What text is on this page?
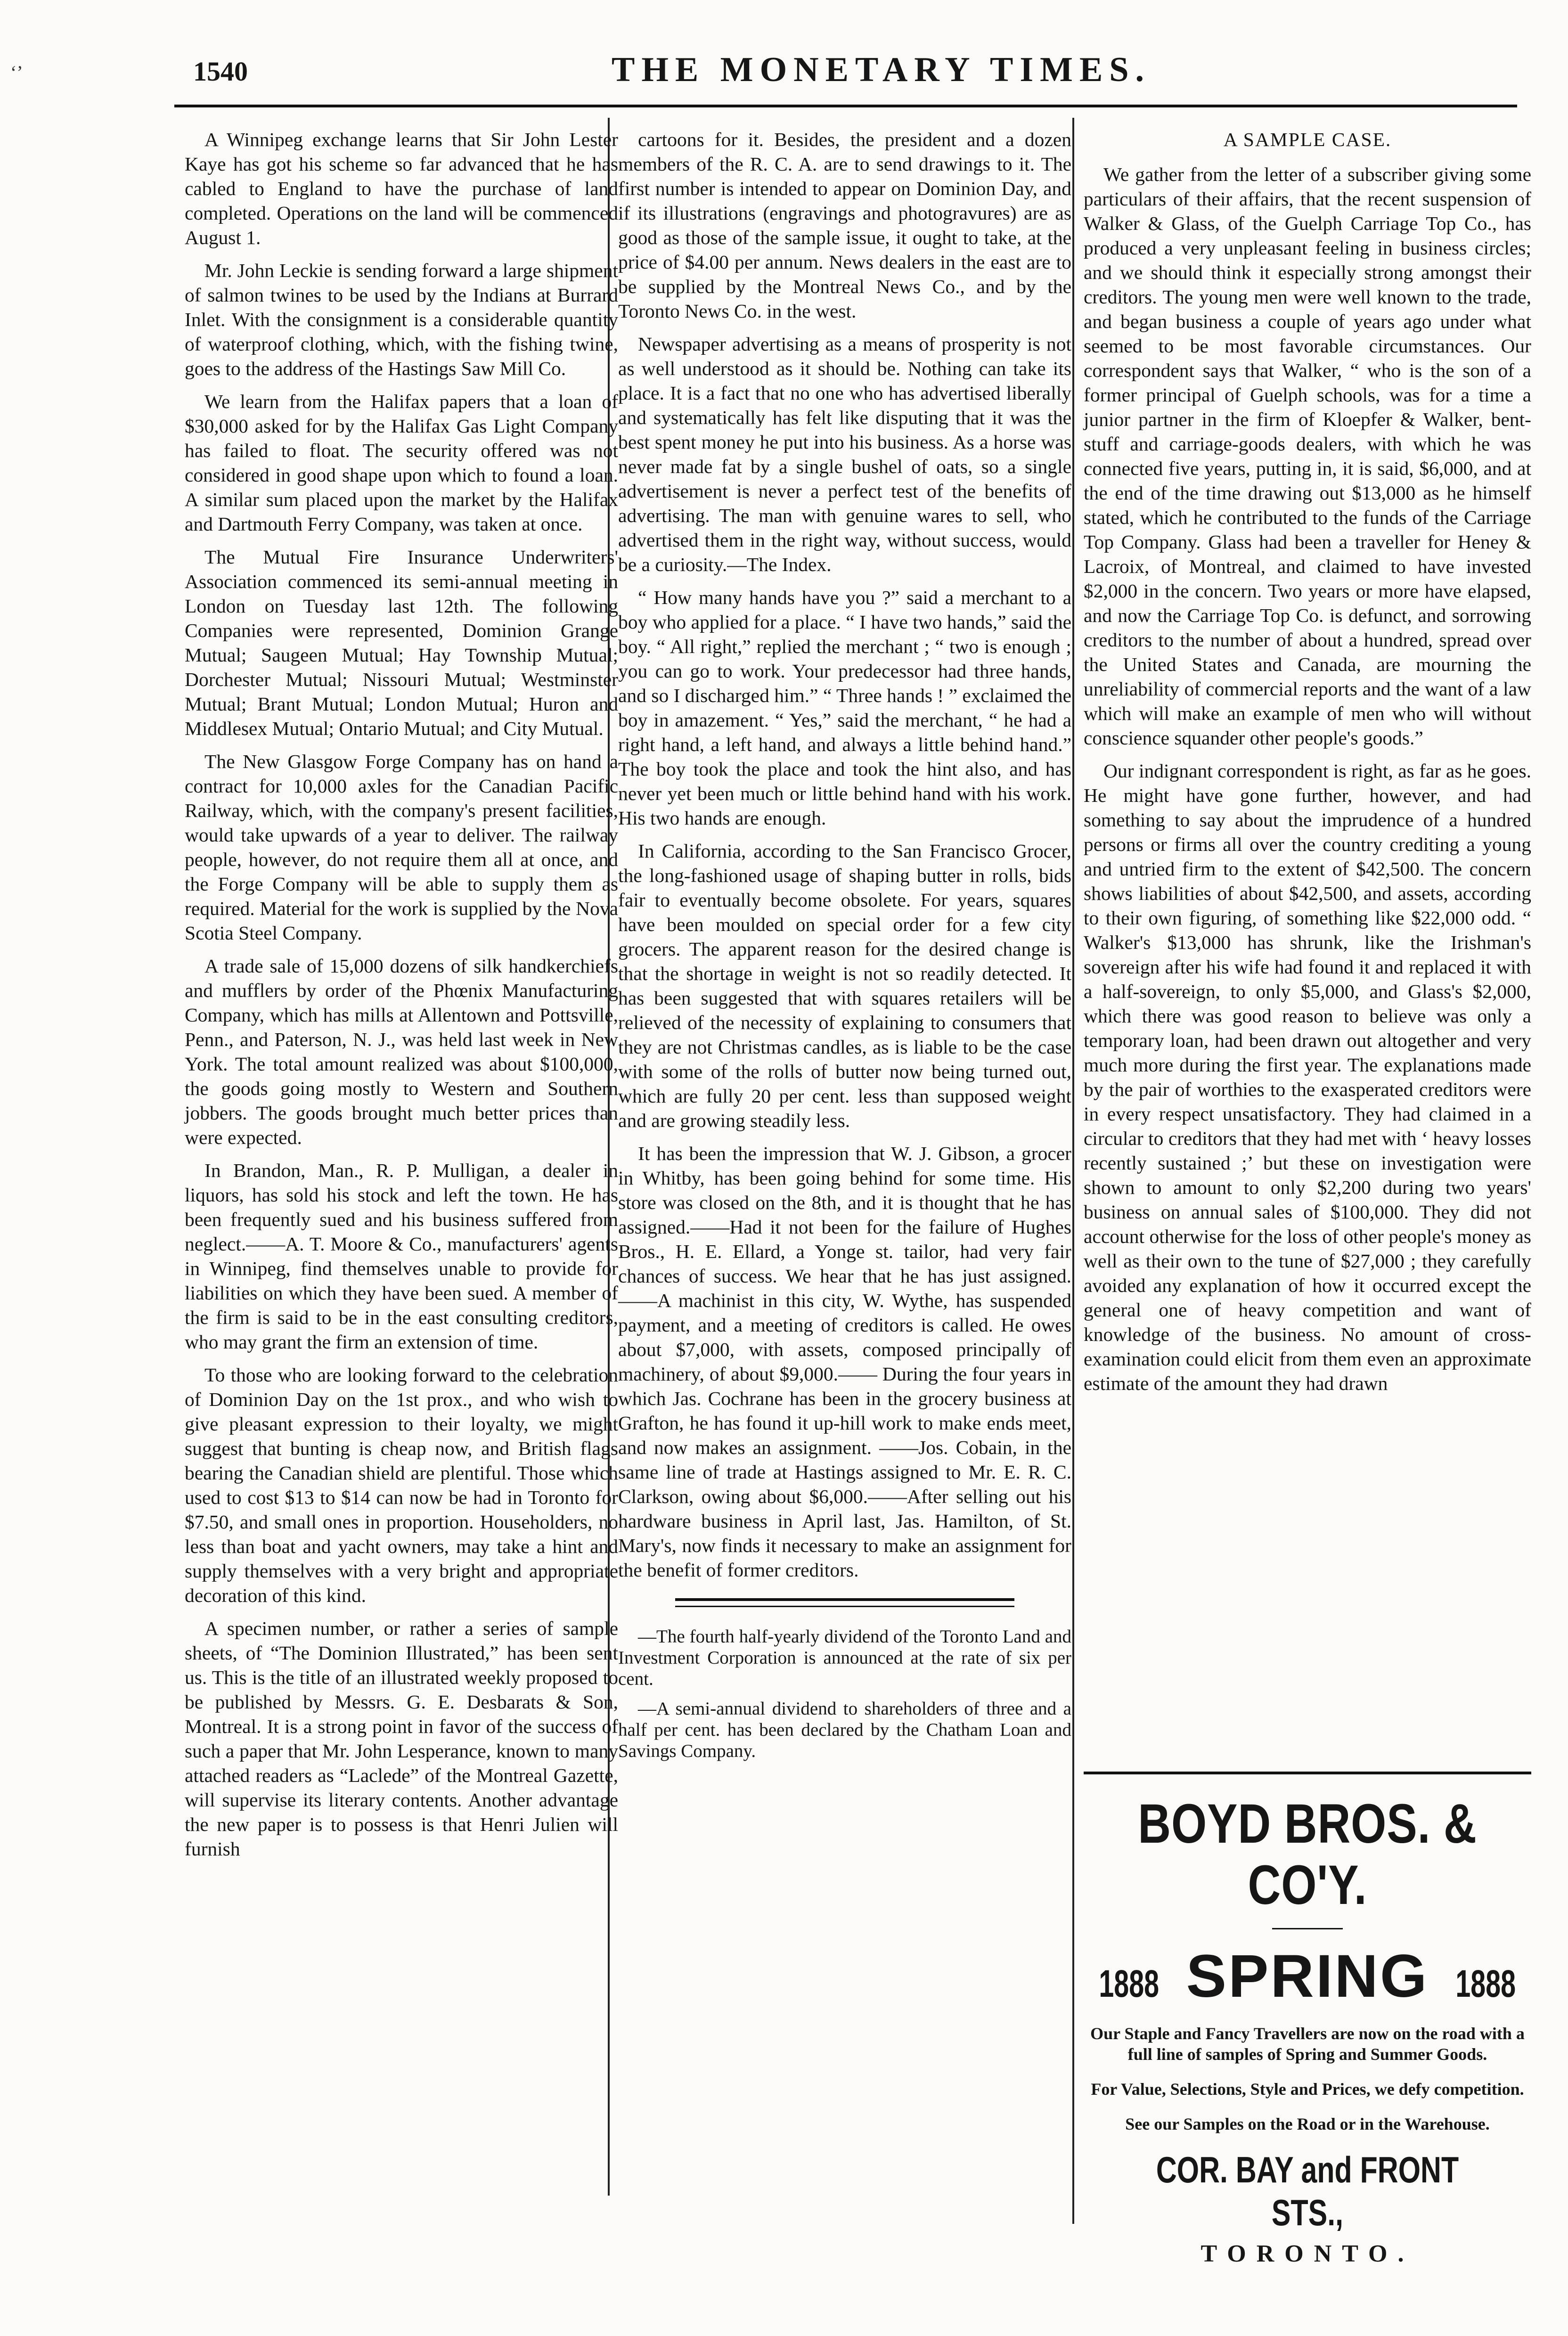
‘’	1540	THE MONETARY TIMES.

A Winnipeg exchange learns that Sir John Lester Kaye has got his scheme so far advanced that he has cabled to England to have the purchase of land completed. Operations on the land will be commenced August 1.

Mr. John Leckie is sending forward a large shipment of salmon twines to be used by the Indians at Burrard Inlet. With the consignment is a considerable quantity of waterproof clothing, which, with the fishing twine, goes to the address of the Hastings Saw Mill Co.

We learn from the Halifax papers that a loan of $30,000 asked for by the Halifax Gas Light Company has failed to float. The security offered was not considered in good shape upon which to found a loan. A similar sum placed upon the market by the Halifax and Dartmouth Ferry Company, was taken at once.

The Mutual Fire Insurance Underwriters' Association commenced its semi-annual meeting in London on Tuesday last 12th. The following Companies were represented, Dominion Grange Mutual; Saugeen Mutual; Hay Township Mutual; Dorchester Mutual; Nissouri Mutual; Westminster Mutual; Brant Mutual; London Mutual; Huron and Middlesex Mutual; Ontario Mutual; and City Mutual.

The New Glasgow Forge Company has on hand a contract for 10,000 axles for the Canadian Pacific Railway, which, with the company's present facilities, would take upwards of a year to deliver. The railway people, however, do not require them all at once, and the Forge Company will be able to supply them as required. Material for the work is supplied by the Nova Scotia Steel Company.

A trade sale of 15,000 dozens of silk handkerchiefs and mufflers by order of the Phœnix Manufacturing Company, which has mills at Allentown and Pottsville, Penn., and Paterson, N. J., was held last week in New York. The total amount realized was about $100,000, the goods going mostly to Western and Southern jobbers. The goods brought much better prices than were expected.

In Brandon, Man., R. P. Mulligan, a dealer in liquors, has sold his stock and left the town. He has been frequently sued and his business suffered from neglect.——A. T. Moore & Co., manufacturers' agents in Winnipeg, find themselves unable to provide for liabilities on which they have been sued. A member of the firm is said to be in the east consulting creditors, who may grant the firm an extension of time.

To those who are looking forward to the celebration of Dominion Day on the 1st prox., and who wish to give pleasant expression to their loyalty, we might suggest that bunting is cheap now, and British flags bearing the Canadian shield are plentiful. Those which used to cost $13 to $14 can now be had in Toronto for $7.50, and small ones in proportion. Householders, no less than boat and yacht owners, may take a hint and supply themselves with a very bright and appropriate decoration of this kind.

A specimen number, or rather a series of sample sheets, of “The Dominion Illustrated,” has been sent us. This is the title of an illustrated weekly proposed to be published by Messrs. G. E. Desbarats & Son, Montreal. It is a strong point in favor of the success of such a paper that Mr. John Lesperance, known to many attached readers as “Laclede” of the Montreal Gazette, will supervise its literary contents. Another advantage the new paper is to possess is that Henri Julien will furnish

cartoons for it. Besides, the president and a dozen members of the R. C. A. are to send drawings to it. The first number is intended to appear on Dominion Day, and if its illustrations (engravings and photogravures) are as good as those of the sample issue, it ought to take, at the price of $4.00 per annum. News dealers in the east are to be supplied by the Montreal News Co., and by the Toronto News Co. in the west.

Newspaper advertising as a means of prosperity is not as well understood as it should be. Nothing can take its place. It is a fact that no one who has advertised liberally and systematically has felt like disputing that it was the best spent money he put into his business. As a horse was never made fat by a single bushel of oats, so a single advertisement is never a perfect test of the benefits of advertising. The man with genuine wares to sell, who advertised them in the right way, without success, would be a curiosity.—The Index.

“ How many hands have you ?” said a merchant to a boy who applied for a place. “ I have two hands,” said the boy. “ All right,” replied the merchant ; “ two is enough ; you can go to work. Your predecessor had three hands, and so I discharged him.” “ Three hands ! ” exclaimed the boy in amazement. “ Yes,” said the merchant, “ he had a right hand, a left hand, and always a little behind hand.” The boy took the place and took the hint also, and has never yet been much or little behind hand with his work. His two hands are enough.

In California, according to the San Francisco Grocer, the long-fashioned usage of shaping butter in rolls, bids fair to eventually become obsolete. For years, squares have been moulded on special order for a few city grocers. The apparent reason for the desired change is that the shortage in weight is not so readily detected. It has been suggested that with squares retailers will be relieved of the necessity of explaining to consumers that they are not Christmas candles, as is liable to be the case with some of the rolls of butter now being turned out, which are fully 20 per cent. less than supposed weight and are growing steadily less.

It has been the impression that W. J. Gibson, a grocer in Whitby, has been going behind for some time. His store was closed on the 8th, and it is thought that he has assigned.——Had it not been for the failure of Hughes Bros., H. E. Ellard, a Yonge st. tailor, had very fair chances of success. We hear that he has just assigned.——A machinist in this city, W. Wythe, has suspended payment, and a meeting of creditors is called. He owes about $7,000, with assets, composed principally of machinery, of about $9,000.—— During the four years in which Jas. Cochrane has been in the grocery business at Grafton, he has found it up-hill work to make ends meet, and now makes an assignment. ——Jos. Cobain, in the same line of trade at Hastings assigned to Mr. E. R. C. Clarkson, owing about $6,000.——After selling out his hardware business in April last, Jas. Hamilton, of St. Mary's, now finds it necessary to make an assignment for the benefit of former creditors.

—The fourth half-yearly dividend of the Toronto Land and Investment Corporation is announced at the rate of six per cent.

—A semi-annual dividend to shareholders of three and a half per cent. has been declared by the Chatham Loan and Savings Company.

A SAMPLE CASE.

We gather from the letter of a subscriber giving some particulars of their affairs, that the recent suspension of Walker & Glass, of the Guelph Carriage Top Co., has produced a very unpleasant feeling in business circles; and we should think it especially strong amongst their creditors. The young men were well known to the trade, and began business a couple of years ago under what seemed to be most favorable circumstances. Our correspondent says that Walker, “ who is the son of a former principal of Guelph schools, was for a time a junior partner in the firm of Kloepfer & Walker, bent-stuff and carriage-goods dealers, with which he was connected five years, putting in, it is said, $6,000, and at the end of the time drawing out $13,000 as he himself stated, which he contributed to the funds of the Carriage Top Company. Glass had been a traveller for Heney & Lacroix, of Montreal, and claimed to have invested $2,000 in the concern. Two years or more have elapsed, and now the Carriage Top Co. is defunct, and sorrowing creditors to the number of about a hundred, spread over the United States and Canada, are mourning the unreliability of commercial reports and the want of a law which will make an example of men who will without conscience squander other people's goods.”

Our indignant correspondent is right, as far as he goes. He might have gone further, however, and had something to say about the imprudence of a hundred persons or firms all over the country crediting a young and untried firm to the extent of $42,500. The concern shows liabilities of about $42,500, and assets, according to their own figuring, of something like $22,000 odd. “ Walker's $13,000 has shrunk, like the Irishman's sovereign after his wife had found it and replaced it with a half-sovereign, to only $5,000, and Glass's $2,000, which there was good reason to believe was only a temporary loan, had been drawn out altogether and very much more during the first year. The explanations made by the pair of worthies to the exasperated creditors were in every respect unsatisfactory. They had claimed in a circular to creditors that they had met with ‘ heavy losses recently sustained ;’ but these on investigation were shown to amount to only $2,200 during two years' business on annual sales of $100,000. They did not account otherwise for the loss of other people's money as well as their own to the tune of $27,000 ; they carefully avoided any explanation of how it occurred except the general one of heavy competition and want of knowledge of the business. No amount of cross-examination could elicit from them even an approximate estimate of the amount they had drawn

BOYD BROS. & CO'Y.
1888 SPRING 1888

Our Staple and Fancy Travellers are now on the road with a full line of samples of Spring and Summer Goods.

For Value, Selections, Style and Prices, we defy competition.

See our Samples on the Road or in the Warehouse.

COR. BAY and FRONT STS.,
TORONTO.
